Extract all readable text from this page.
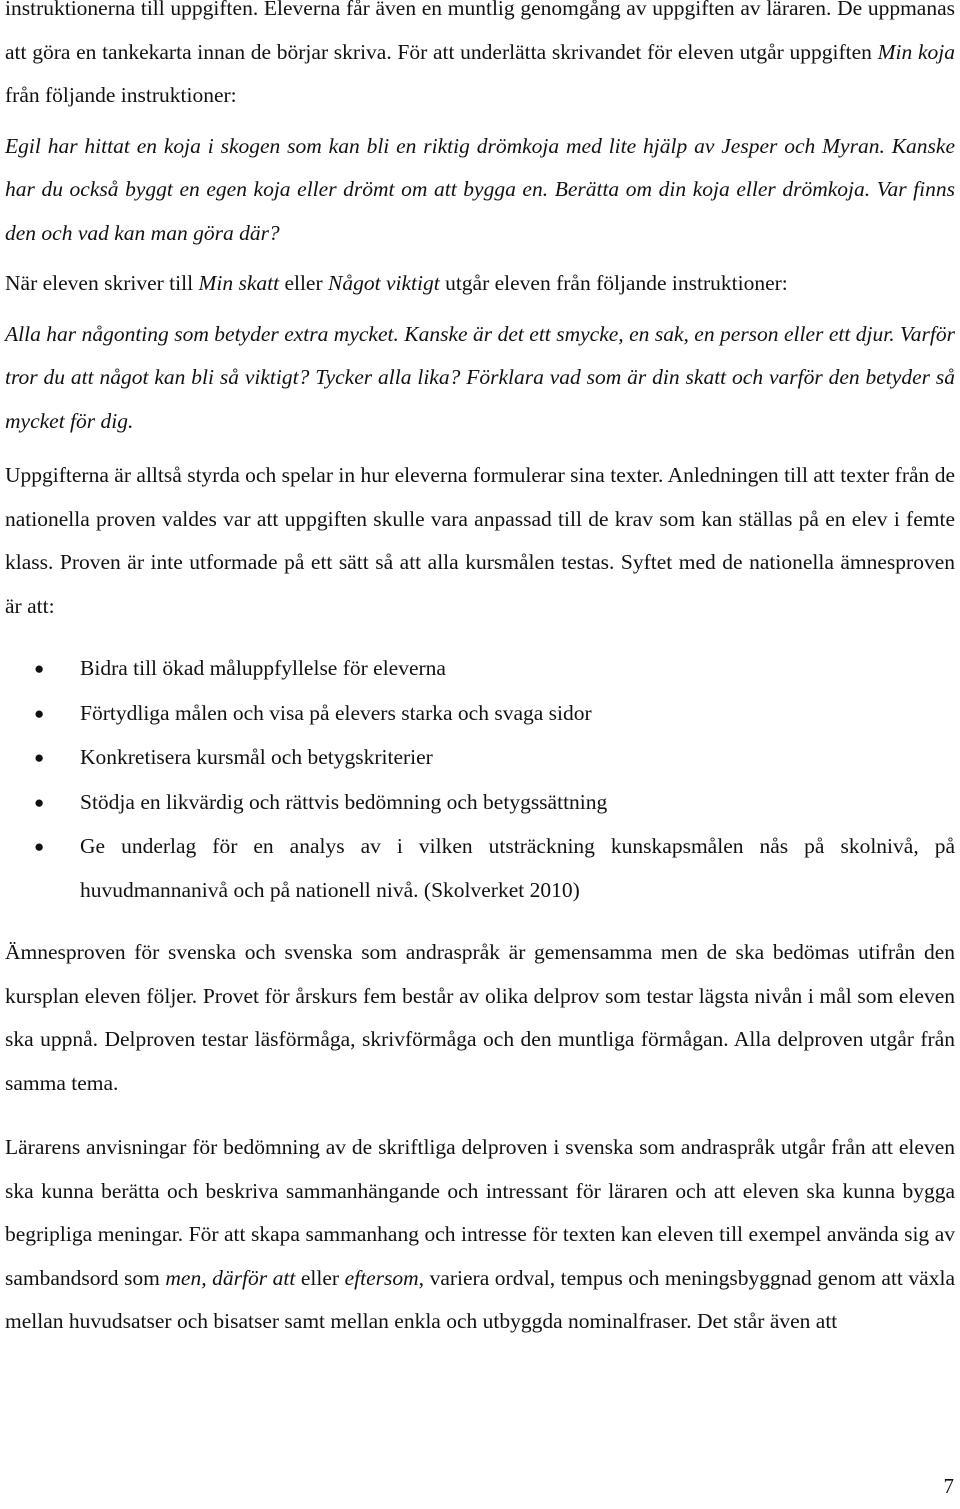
instruktionerna till uppgiften. Eleverna får även en muntlig genomgång av uppgiften av läraren. De uppmanas att göra en tankekarta innan de börjar skriva. För att underlätta skrivandet för eleven utgår uppgiften Min koja från följande instruktioner:

Egil har hittat en koja i skogen som kan bli en riktig drömkoja med lite hjälp av Jesper och Myran. Kanske har du också byggt en egen koja eller drömt om att bygga en. Berätta om din koja eller drömkoja. Var finns den och vad kan man göra där?

När eleven skriver till Min skatt eller Något viktigt utgår eleven från följande instruktioner:

Alla har någonting som betyder extra mycket. Kanske är det ett smycke, en sak, en person eller ett djur. Varför tror du att något kan bli så viktigt? Tycker alla lika? Förklara vad som är din skatt och varför den betyder så mycket för dig.

Uppgifterna är alltså styrda och spelar in hur eleverna formulerar sina texter. Anledningen till att texter från de nationella proven valdes var att uppgiften skulle vara anpassad till de krav som kan ställas på en elev i femte klass. Proven är inte utformade på ett sätt så att alla kursmålen testas. Syftet med de nationella ämnesproven är att:

● Bidra till ökad måluppfyllelse för eleverna
● Förtydliga målen och visa på elevers starka och svaga sidor
● Konkretisera kursmål och betygskriterier
● Stödja en likvärdig och rättvis bedömning och betygssättning
● Ge underlag för en analys av i vilken utsträckning kunskapsmålen nås på skolnivå, på huvudmannanivå och på nationell nivå. (Skolverket 2010)

Ämnesproven för svenska och svenska som andraspråk är gemensamma men de ska bedömas utifrån den kursplan eleven följer. Provet för årskurs fem består av olika delprov som testar lägsta nivån i mål som eleven ska uppnå. Delproven testar läsförmåga, skrivförmåga och den muntliga förmågan. Alla delproven utgår från samma tema.

Lärarens anvisningar för bedömning av de skriftliga delproven i svenska som andraspråk utgår från att eleven ska kunna berätta och beskriva sammanhängande och intressant för läraren och att eleven ska kunna bygga begripliga meningar. För att skapa sammanhang och intresse för texten kan eleven till exempel använda sig av sambandsord som men, därför att eller eftersom, variera ordval, tempus och meningsbyggnad genom att växla mellan huvudsatser och bisatser samt mellan enkla och utbyggda nominalfraser. Det står även att

7
